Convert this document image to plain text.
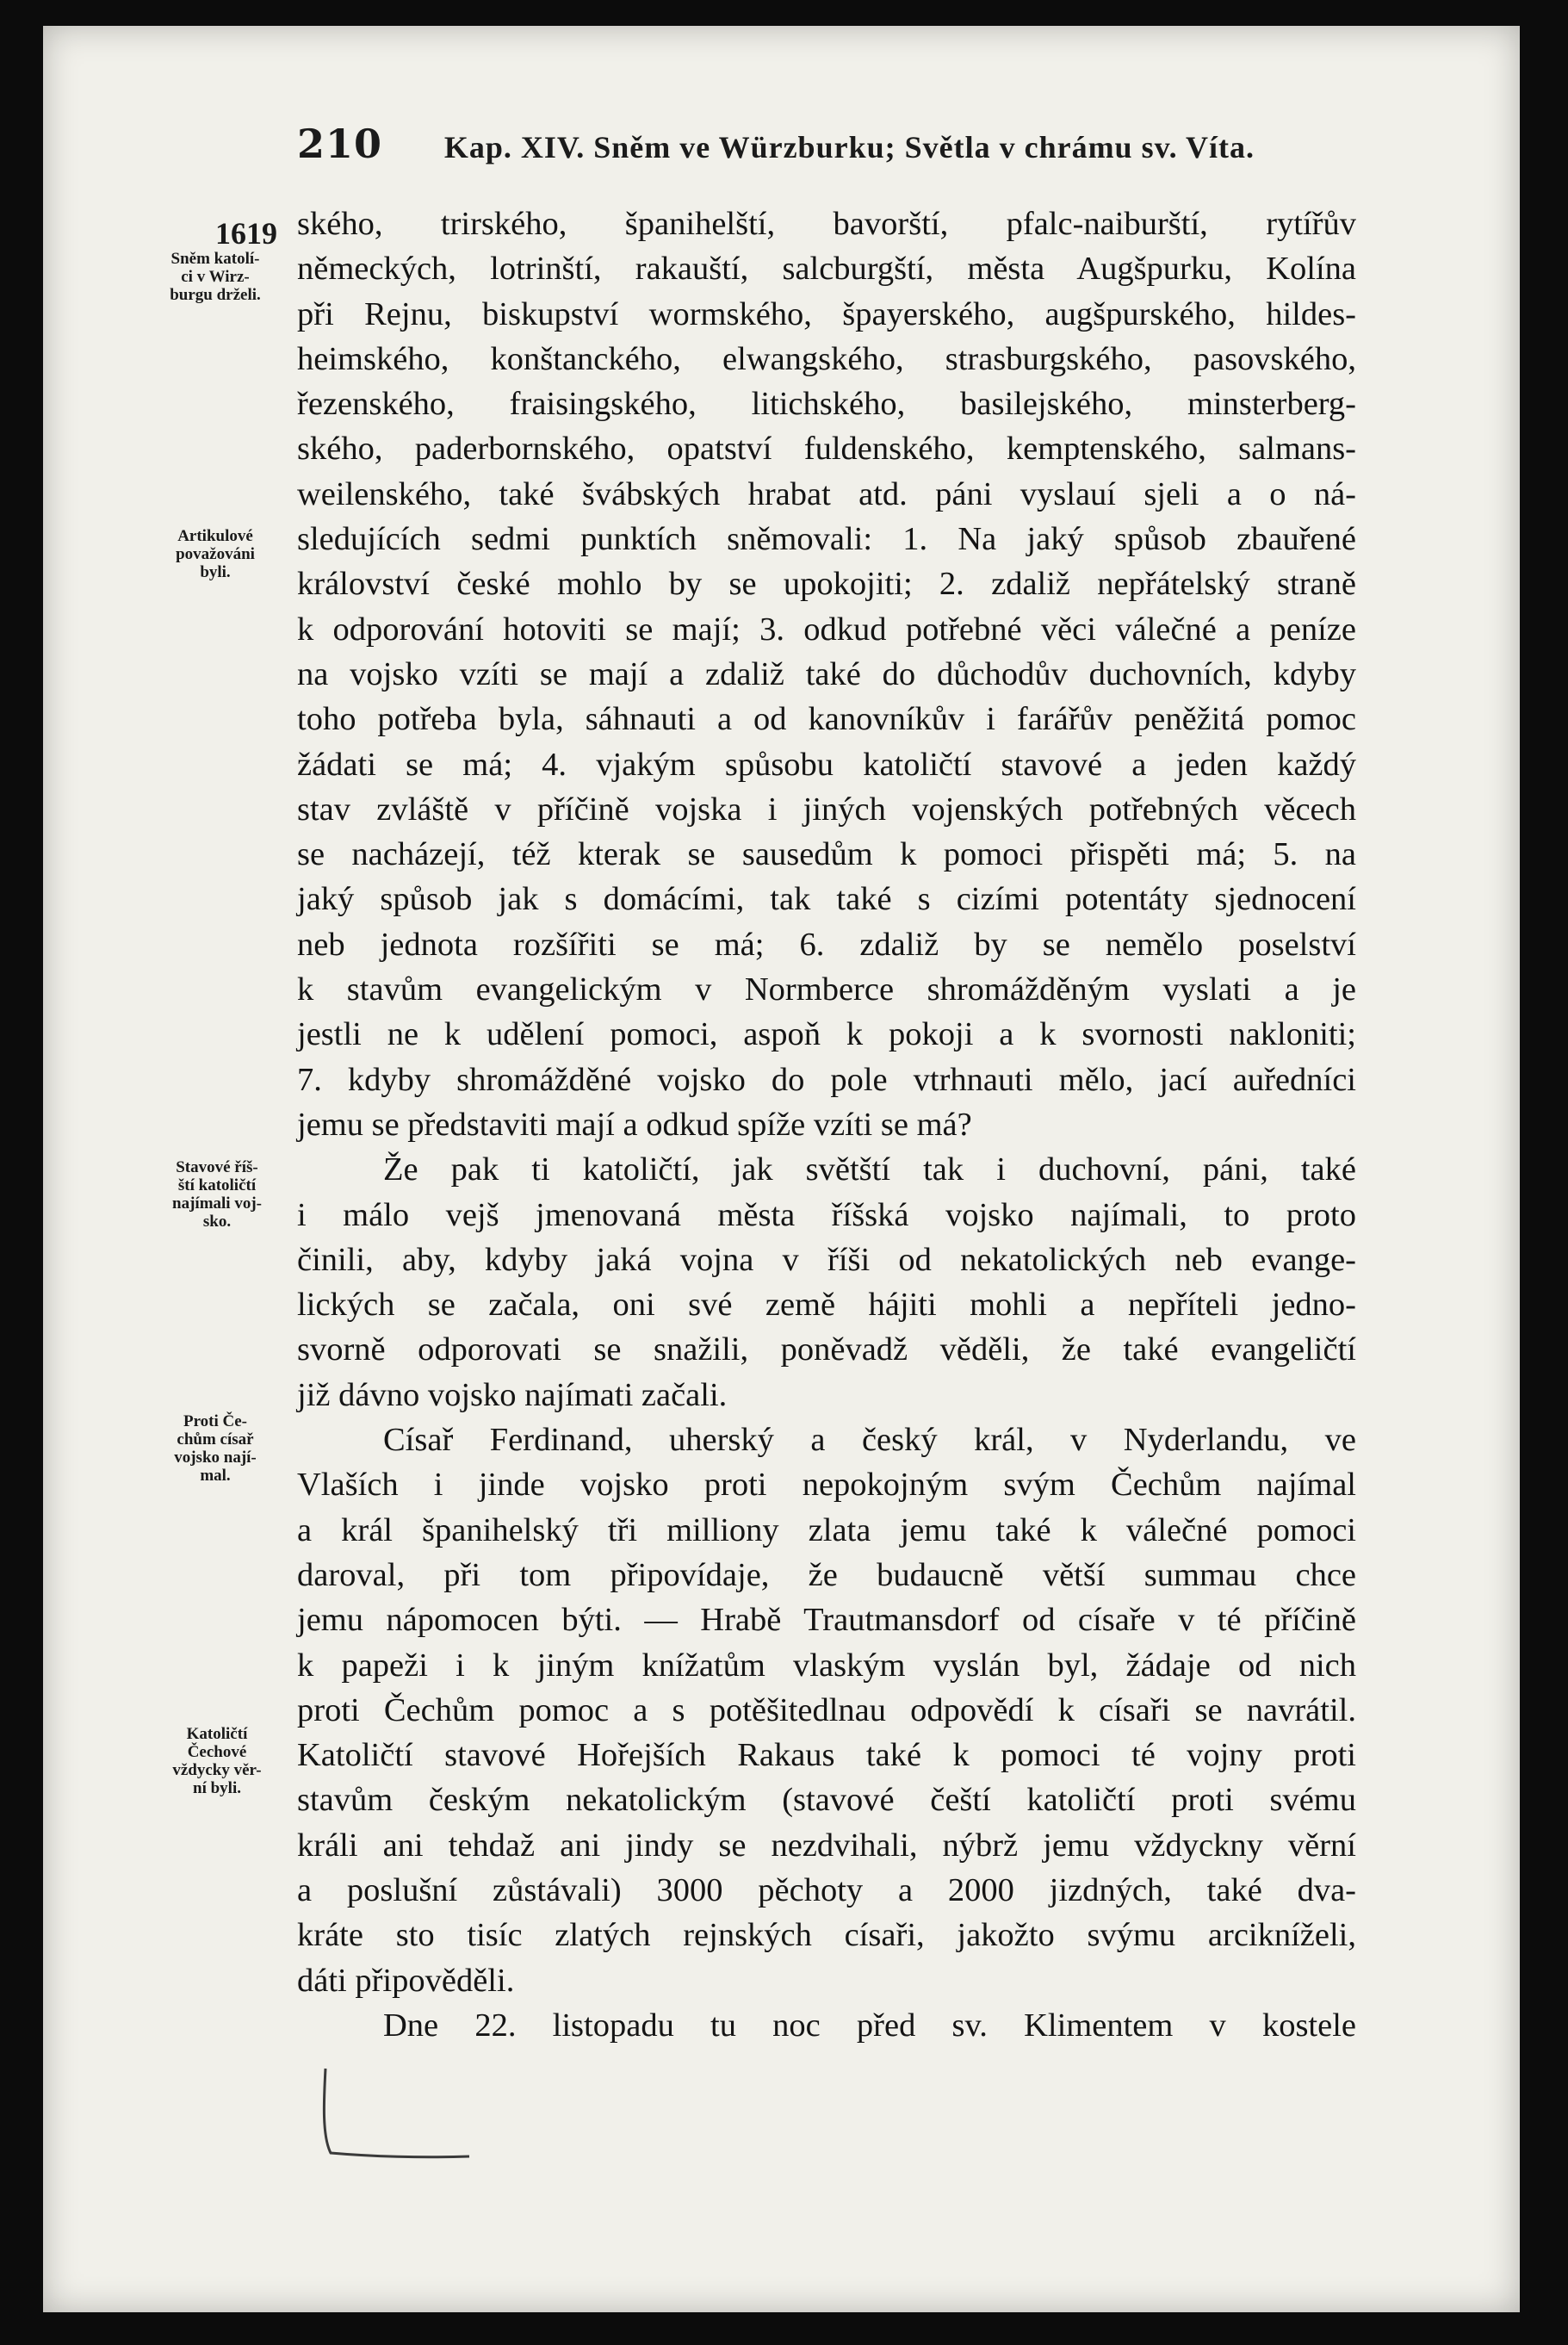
210 Kap. XIV. Sněm ve Würzburku; Světla v chrámu sv. Víta.
1619
Sněm katolí-
ci v Wirz-
burgu drželi.
Artikulové
považováni
byli.
Stavové říš-
ští katoličtí
najímali voj-
sko.
Proti Če-
chům císař
vojsko nají-
mal.
Katoličtí
Čechové
vždycky věr-
ní byli.
ského, trirského, španihelští, bavorští, pfalc-naiburští, rytířův
německých, lotrinští, rakauští, salcburgští, města Augšpurku, Kolína
při Rejnu, biskupství wormského, špayerského, augšpurského, hildes-
heimského, konštanckého, elwangského, strasburgského, pasovského,
řezenského, fraisingského, litichského, basilejského, minsterberg-
ského, paderbornského, opatství fuldenského, kemptenského, salmans-
weilenského, také švábských hrabat atd. páni vyslauí sjeli a o ná-
sledujících sedmi punktích sněmovali: 1. Na jaký spůsob zbauřené
království české mohlo by se upokojiti; 2. zdaliž nepřátelský straně
k odporování hotoviti se mají; 3. odkud potřebné věci válečné a peníze
na vojsko vzíti se mají a zdaliž také do důchodův duchovních, kdyby
toho potřeba byla, sáhnauti a od kanovníkův i farářův peněžitá pomoc
žádati se má; 4. vjakým spůsobu katoličtí stavové a jeden každý
stav zvláště v příčině vojska i jiných vojenských potřebných věcech
se nacházejí, též kterak se sausedům k pomoci přispěti má; 5. na
jaký spůsob jak s domácími, tak také s cizími potentáty sjednocení
neb jednota rozšířiti se má; 6. zdaliž by se nemělo poselství
k stavům evangelickým v Normberce shromážděným vyslati a je
jestli ne k udělení pomoci, aspoň k pokoji a k svornosti nakloniti;
7. kdyby shromážděné vojsko do pole vtrhnauti mělo, jací auředníci
jemu se představiti mají a odkud spíže vzíti se má?
Že pak ti katoličtí, jak světští tak i duchovní, páni, také
i málo vejš jmenovaná města říšská vojsko najímali, to proto
činili, aby, kdyby jaká vojna v říši od nekatolických neb evange-
lických se začala, oni své země hájiti mohli a nepříteli jedno-
svorně odporovati se snažili, poněvadž věděli, že také evangeličtí
již dávno vojsko najímati začali.
Císař Ferdinand, uherský a český král, v Nyderlandu, ve
Vlaších i jinde vojsko proti nepokojným svým Čechům najímal
a král španihelský tři milliony zlata jemu také k válečné pomoci
daroval, při tom připovídaje, že budaucně větší summau chce
jemu nápomocen býti. — Hrabě Trautmansdorf od císaře v té příčině
k papeži i k jiným knížatům vlaským vyslán byl, žádaje od nich
proti Čechům pomoc a s potěšitedlnau odpovědí k císaři se navrátil.
Katoličtí stavové Hořejších Rakaus také k pomoci té vojny proti
stavům českým nekatolickým (stavové čeští katoličtí proti svému
králi ani tehdaž ani jindy se nezdvihali, nýbrž jemu vždyckny věrní
a poslušní zůstávali) 3000 pěchoty a 2000 jizdných, také dva-
kráte sto tisíc zlatých rejnských císaři, jakožto svýmu arcikníželi,
dáti připověděli.
Dne 22. listopadu tu noc před sv. Klimentem v kostele
